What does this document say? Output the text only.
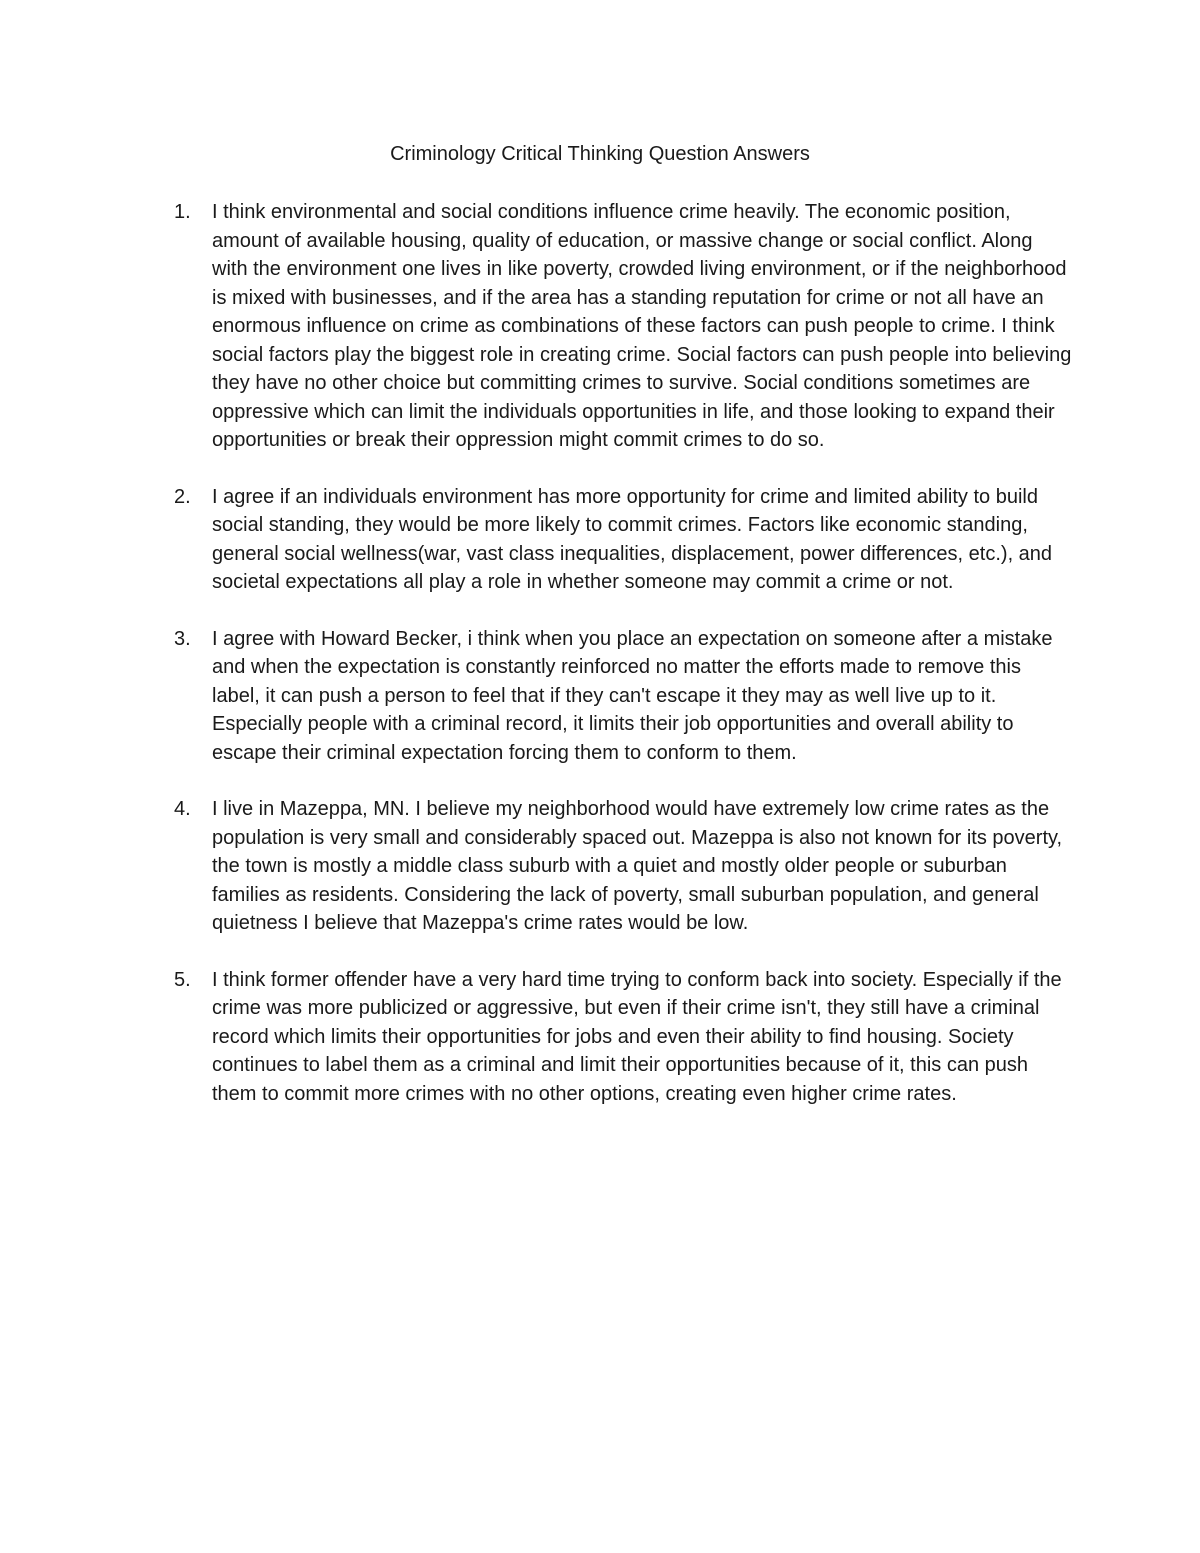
Criminology Critical Thinking Question Answers
1. I think environmental and social conditions influence crime heavily. The economic position, amount of available housing, quality of education, or massive change or social conflict. Along with the environment one lives in like poverty, crowded living environment, or if the neighborhood is mixed with businesses, and if the area has a standing reputation for crime or not all have an enormous influence on crime as combinations of these factors can push people to crime. I think social factors play the biggest role in creating crime. Social factors can push people into believing they have no other choice but committing crimes to survive. Social conditions sometimes are oppressive which can limit the individuals opportunities in life, and those looking to expand their opportunities or break their oppression might commit crimes to do so.
2. I agree if an individuals environment has more opportunity for crime and limited ability to build social standing, they would be more likely to commit crimes. Factors like economic standing, general social wellness(war, vast class inequalities, displacement, power differences, etc.), and societal expectations all play a role in whether someone may commit a crime or not.
3. I agree with Howard Becker, i think when you place an expectation on someone after a mistake and when the expectation is constantly reinforced no matter the efforts made to remove this label, it can push a person to feel that if they can't escape it they may as well live up to it. Especially people with a criminal record, it limits their job opportunities and overall ability to escape their criminal expectation forcing them to conform to them.
4. I live in Mazeppa, MN. I believe my neighborhood would have extremely low crime rates as the population is very small and considerably spaced out. Mazeppa is also not known for its poverty, the town is mostly a middle class suburb with a quiet and mostly older people or suburban families as residents. Considering the lack of poverty, small suburban population, and general quietness I believe that Mazeppa's crime rates would be low.
5. I think former offender have a very hard time trying to conform back into society. Especially if the crime was more publicized or aggressive, but even if their crime isn't, they still have a criminal record which limits their opportunities for jobs and even their ability to find housing. Society continues to label them as a criminal and limit their opportunities because of it, this can push them to commit more crimes with no other options, creating even higher crime rates.
